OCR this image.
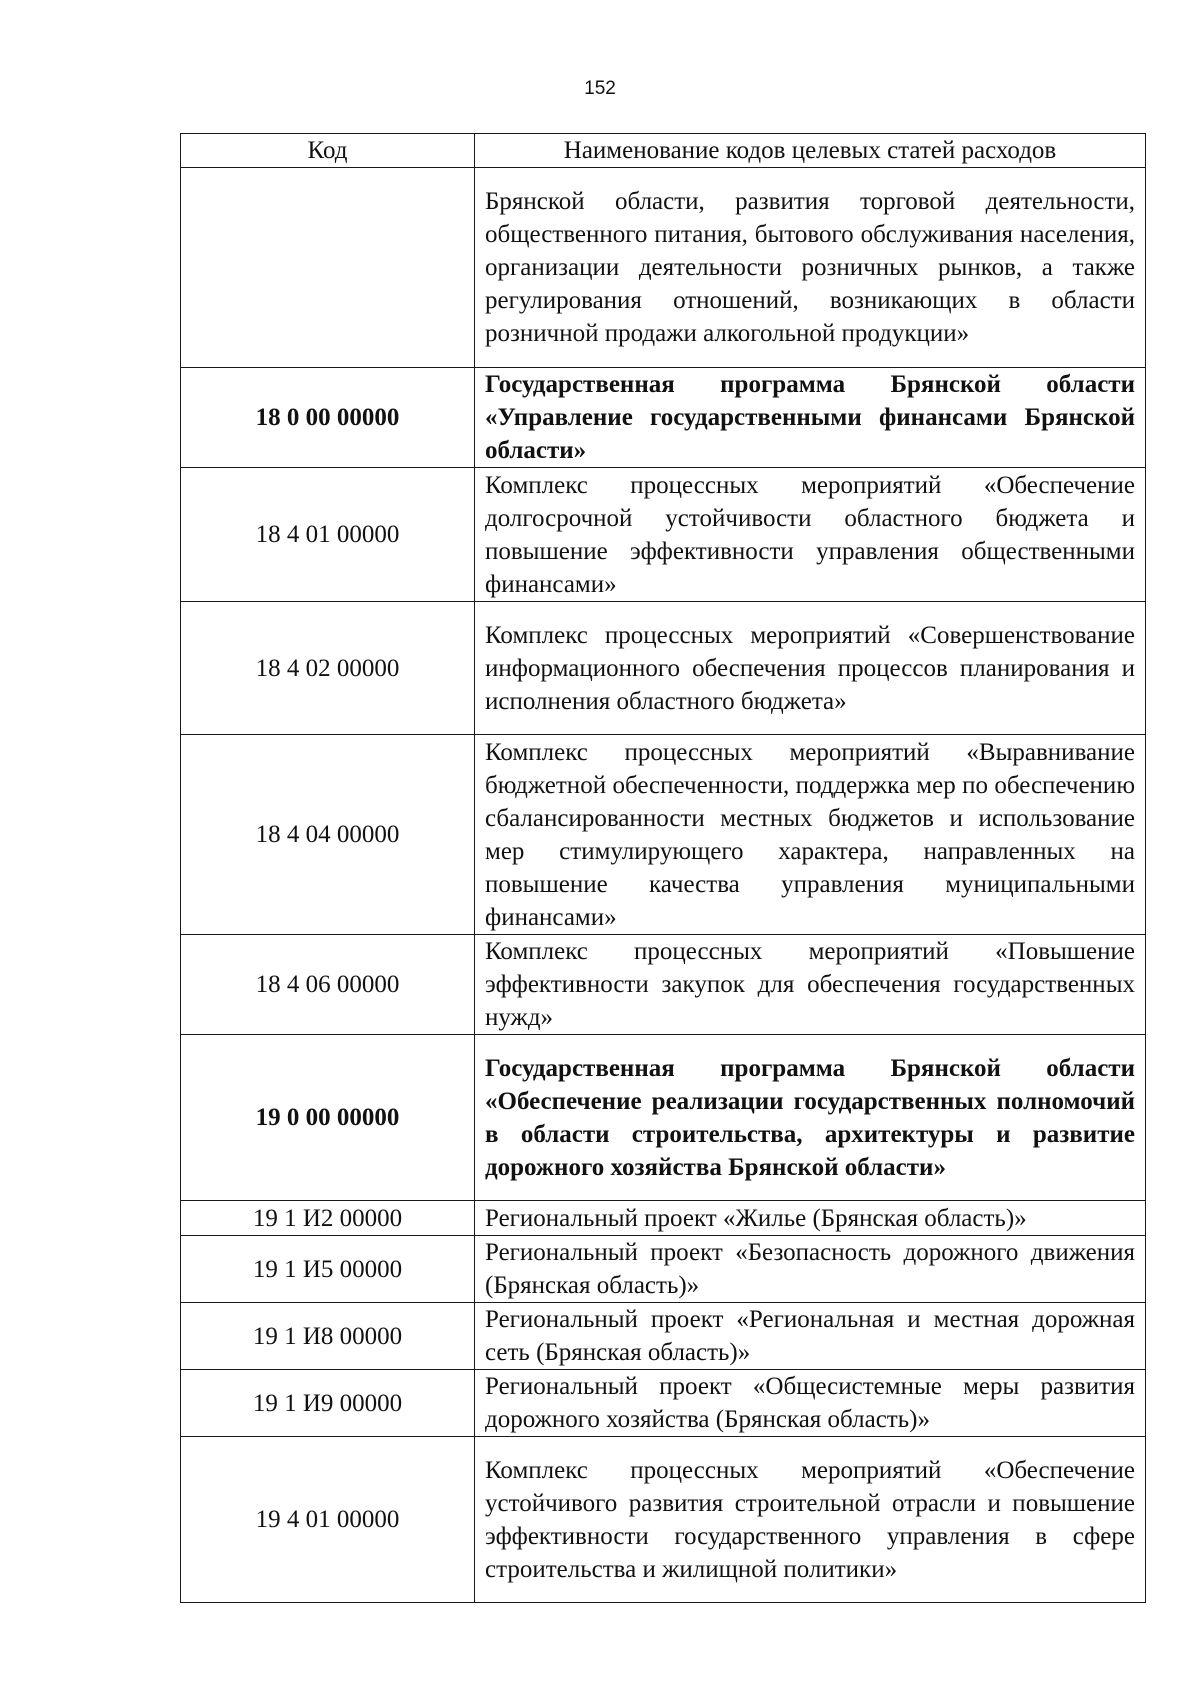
152
Код	Наименование кодов целевых статей расходов
	Брянской области, развития торговой деятельности, общественного питания, бытового обслуживания населения, организации деятельности розничных рынков, а также регулирования отношений, возникающих в области розничной продажи алкогольной продукции»
18 0 00 00000	Государственная программа Брянской области «Управление государственными финансами Брянской области»
18 4 01 00000	Комплекс процессных мероприятий «Обеспечение долгосрочной устойчивости областного бюджета и повышение эффективности управления общественными финансами»
18 4 02 00000	Комплекс процессных мероприятий «Совершенствование информационного обеспечения процессов планирования и исполнения областного бюджета»
18 4 04 00000	Комплекс процессных мероприятий «Выравнивание бюджетной обеспеченности, поддержка мер по обеспечению сбалансированности местных бюджетов и использование мер стимулирующего характера, направленных на повышение качества управления муниципальными финансами»
18 4 06 00000	Комплекс процессных мероприятий «Повышение эффективности закупок для обеспечения государственных нужд»
19 0 00 00000	Государственная программа Брянской области «Обеспечение реализации государственных полномочий в области строительства, архитектуры и развитие дорожного хозяйства Брянской области»
19 1 И2 00000	Региональный проект «Жилье (Брянская область)»
19 1 И5 00000	Региональный проект «Безопасность дорожного движения (Брянская область)»
19 1 И8 00000	Региональный проект «Региональная и местная дорожная сеть (Брянская область)»
19 1 И9 00000	Региональный проект «Общесистемные меры развития дорожного хозяйства (Брянская область)»
19 4 01 00000	Комплекс процессных мероприятий «Обеспечение устойчивого развития строительной отрасли и повышение эффективности государственного управления в сфере строительства и жилищной политики»
